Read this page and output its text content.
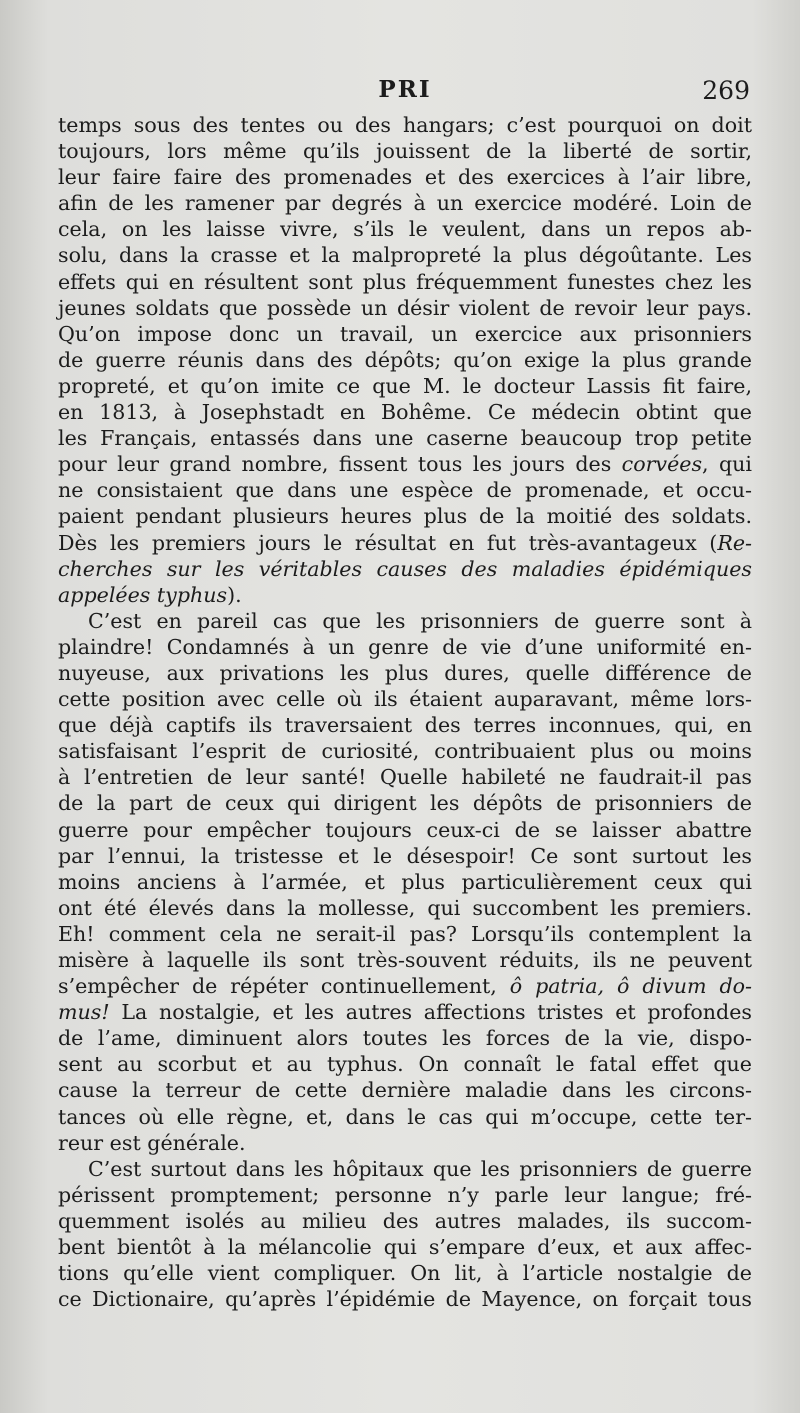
PRI	269
temps sous des tentes ou des hangars; c’est pourquoi on doit
toujours, lors même qu’ils jouissent de la liberté de sortir,
leur faire faire des promenades et des exercices à l’air libre,
afin de les ramener par degrés à un exercice modéré. Loin de
cela, on les laisse vivre, s’ils le veulent, dans un repos ab-
solu, dans la crasse et la malpropreté la plus dégoûtante. Les
effets qui en résultent sont plus fréquemment funestes chez les
jeunes soldats que possède un désir violent de revoir leur pays.
Qu’on impose donc un travail, un exercice aux prisonniers
de guerre réunis dans des dépôts; qu’on exige la plus grande
propreté, et qu’on imite ce que M. le docteur Lassis fit faire,
en 1813, à Josephstadt en Bohême. Ce médecin obtint que
les Français, entassés dans une caserne beaucoup trop petite
pour leur grand nombre, fissent tous les jours des corvées, qui
ne consistaient que dans une espèce de promenade, et occu-
paient pendant plusieurs heures plus de la moitié des soldats.
Dès les premiers jours le résultat en fut très-avantageux (Re-
cherches sur les véritables causes des maladies épidémiques
appelées typhus).
C’est en pareil cas que les prisonniers de guerre sont à
plaindre! Condamnés à un genre de vie d’une uniformité en-
nuyeuse, aux privations les plus dures, quelle différence de
cette position avec celle où ils étaient auparavant, même lors-
que déjà captifs ils traversaient des terres inconnues, qui, en
satisfaisant l’esprit de curiosité, contribuaient plus ou moins
à l’entretien de leur santé! Quelle habileté ne faudrait-il pas
de la part de ceux qui dirigent les dépôts de prisonniers de
guerre pour empêcher toujours ceux-ci de se laisser abattre
par l’ennui, la tristesse et le désespoir! Ce sont surtout les
moins anciens à l’armée, et plus particulièrement ceux qui
ont été élevés dans la mollesse, qui succombent les premiers.
Eh! comment cela ne serait-il pas? Lorsqu’ils contemplent la
misère à laquelle ils sont très-souvent réduits, ils ne peuvent
s’empêcher de répéter continuellement, ô patria, ô divum do-
mus! La nostalgie, et les autres affections tristes et profondes
de l’ame, diminuent alors toutes les forces de la vie, dispo-
sent au scorbut et au typhus. On connaît le fatal effet que
cause la terreur de cette dernière maladie dans les circons-
tances où elle règne, et, dans le cas qui m’occupe, cette ter-
reur est générale.
C’est surtout dans les hôpitaux que les prisonniers de guerre
périssent promptement; personne n’y parle leur langue; fré-
quemment isolés au milieu des autres malades, ils succom-
bent bientôt à la mélancolie qui s’empare d’eux, et aux affec-
tions qu’elle vient compliquer. On lit, à l’article nostalgie de
ce Dictionaire, qu’après l’épidémie de Mayence, on forçait tous
